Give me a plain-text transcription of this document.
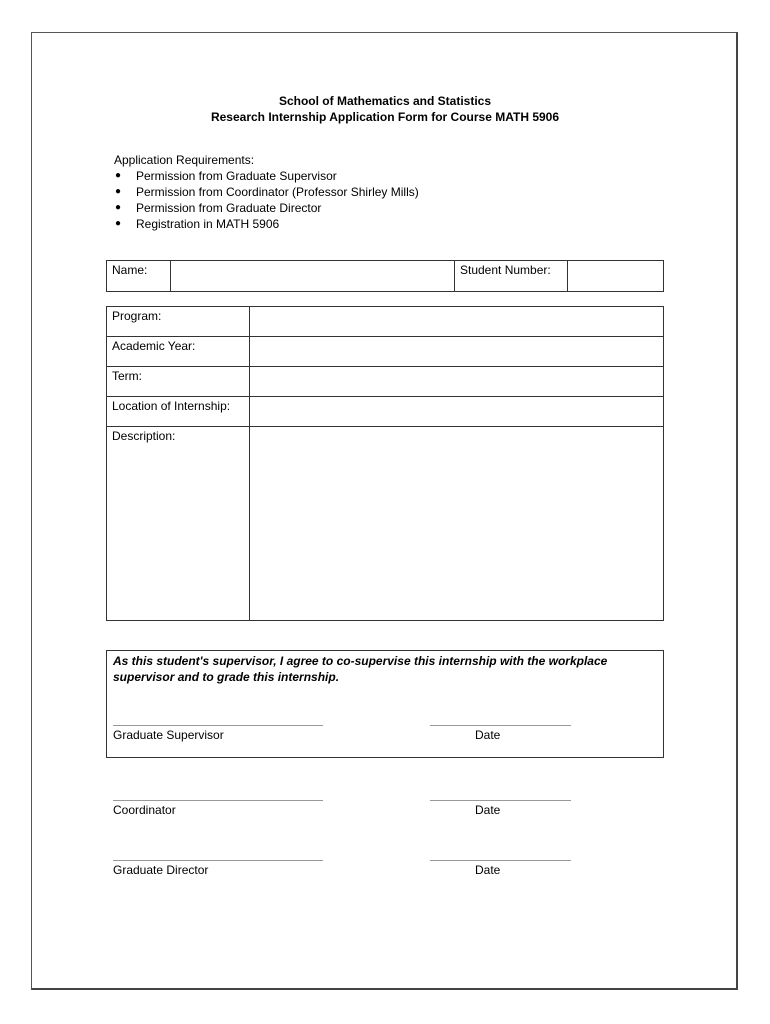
School of Mathematics and Statistics
Research Internship Application Form for Course MATH 5906
Application Requirements:
● Permission from Graduate Supervisor
● Permission from Coordinator (Professor Shirley Mills)
● Permission from Graduate Director
● Registration in MATH 5906
Name:		Student Number:	
Program:	
Academic Year:	
Term:	
Location of Internship:	
Description:	
As this student's supervisor, I agree to co-supervise this internship with the workplace supervisor and to grade this internship.
Graduate Supervisor	Date
Coordinator	Date
Graduate Director	Date
